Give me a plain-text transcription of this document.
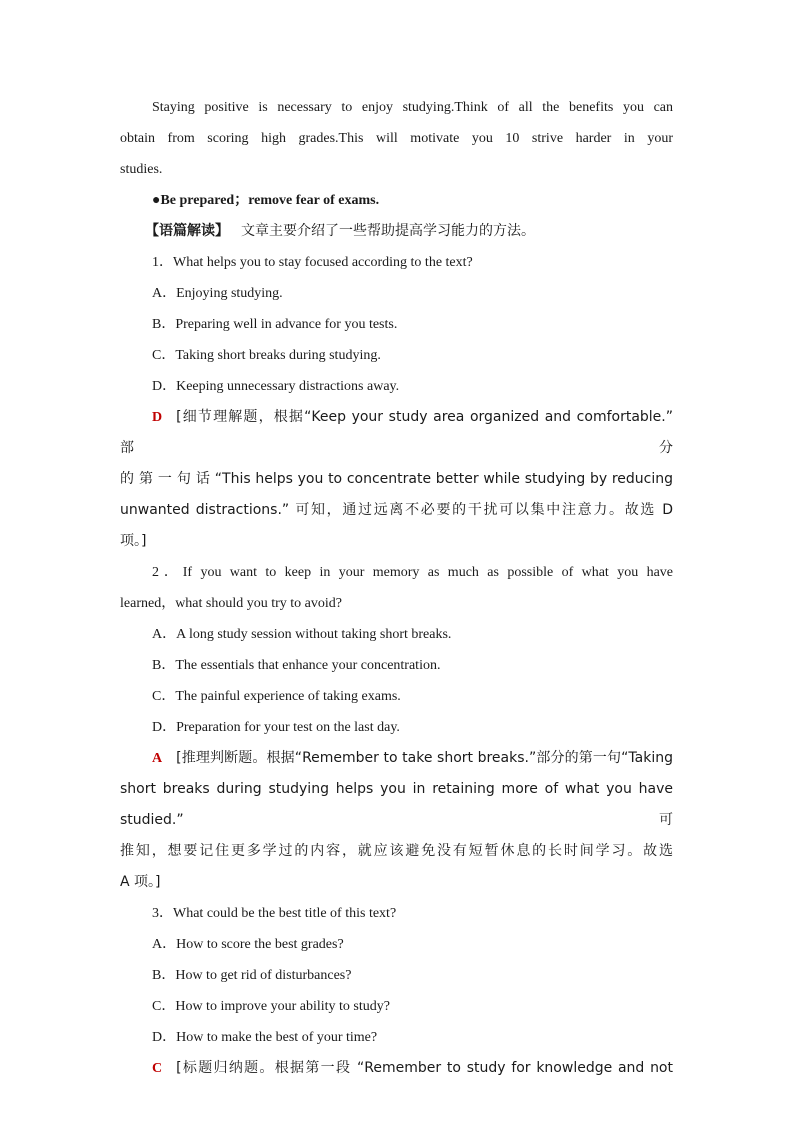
Staying positive is necessary to enjoy studying.Think of all the benefits you can

obtain from scoring high grades.This will motivate you 10 strive harder in your

studies.

●Be prepared；remove fear of exams.

【语篇解读】 文章主要介绍了一些帮助提高学习能力的方法。

1．What helps you to stay focused according to the text?

A．Enjoying studying.

B．Preparing well in advance for you tests.

C．Taking short breaks during studying.

D．Keeping unnecessary distractions away.

D [细节理解题，根据“Keep your study area organized and comfortable.” 部分

的 第 一 句 话 “This helps you to concentrate better while studying by reducing

unwanted distractions.” 可知，通过远离不必要的干扰可以集中注意力。故选 D

项。]

2．If you want to keep in your memory as much as possible of what you have

learned，what should you try to avoid?

A．A long study session without taking short breaks.

B．The essentials that enhance your concentration.

C．The painful experience of taking exams.

D．Preparation for your test on the last day.

A [推理判断题。根据“Remember to take short breaks.”部分的第一句“Taking

short breaks during studying helps you in retaining more of what you have studied.”可

推知，想要记住更多学过的内容，就应该避免没有短暂休息的长时间学习。故选

A 项。]

3．What could be the best title of this text?

A．How to score the best grades?

B．How to get rid of disturbances?

C．How to improve your ability to study?

D．How to make the best of your time?

C [标题归纳题。根据第一段 “Remember to study for knowledge and not
